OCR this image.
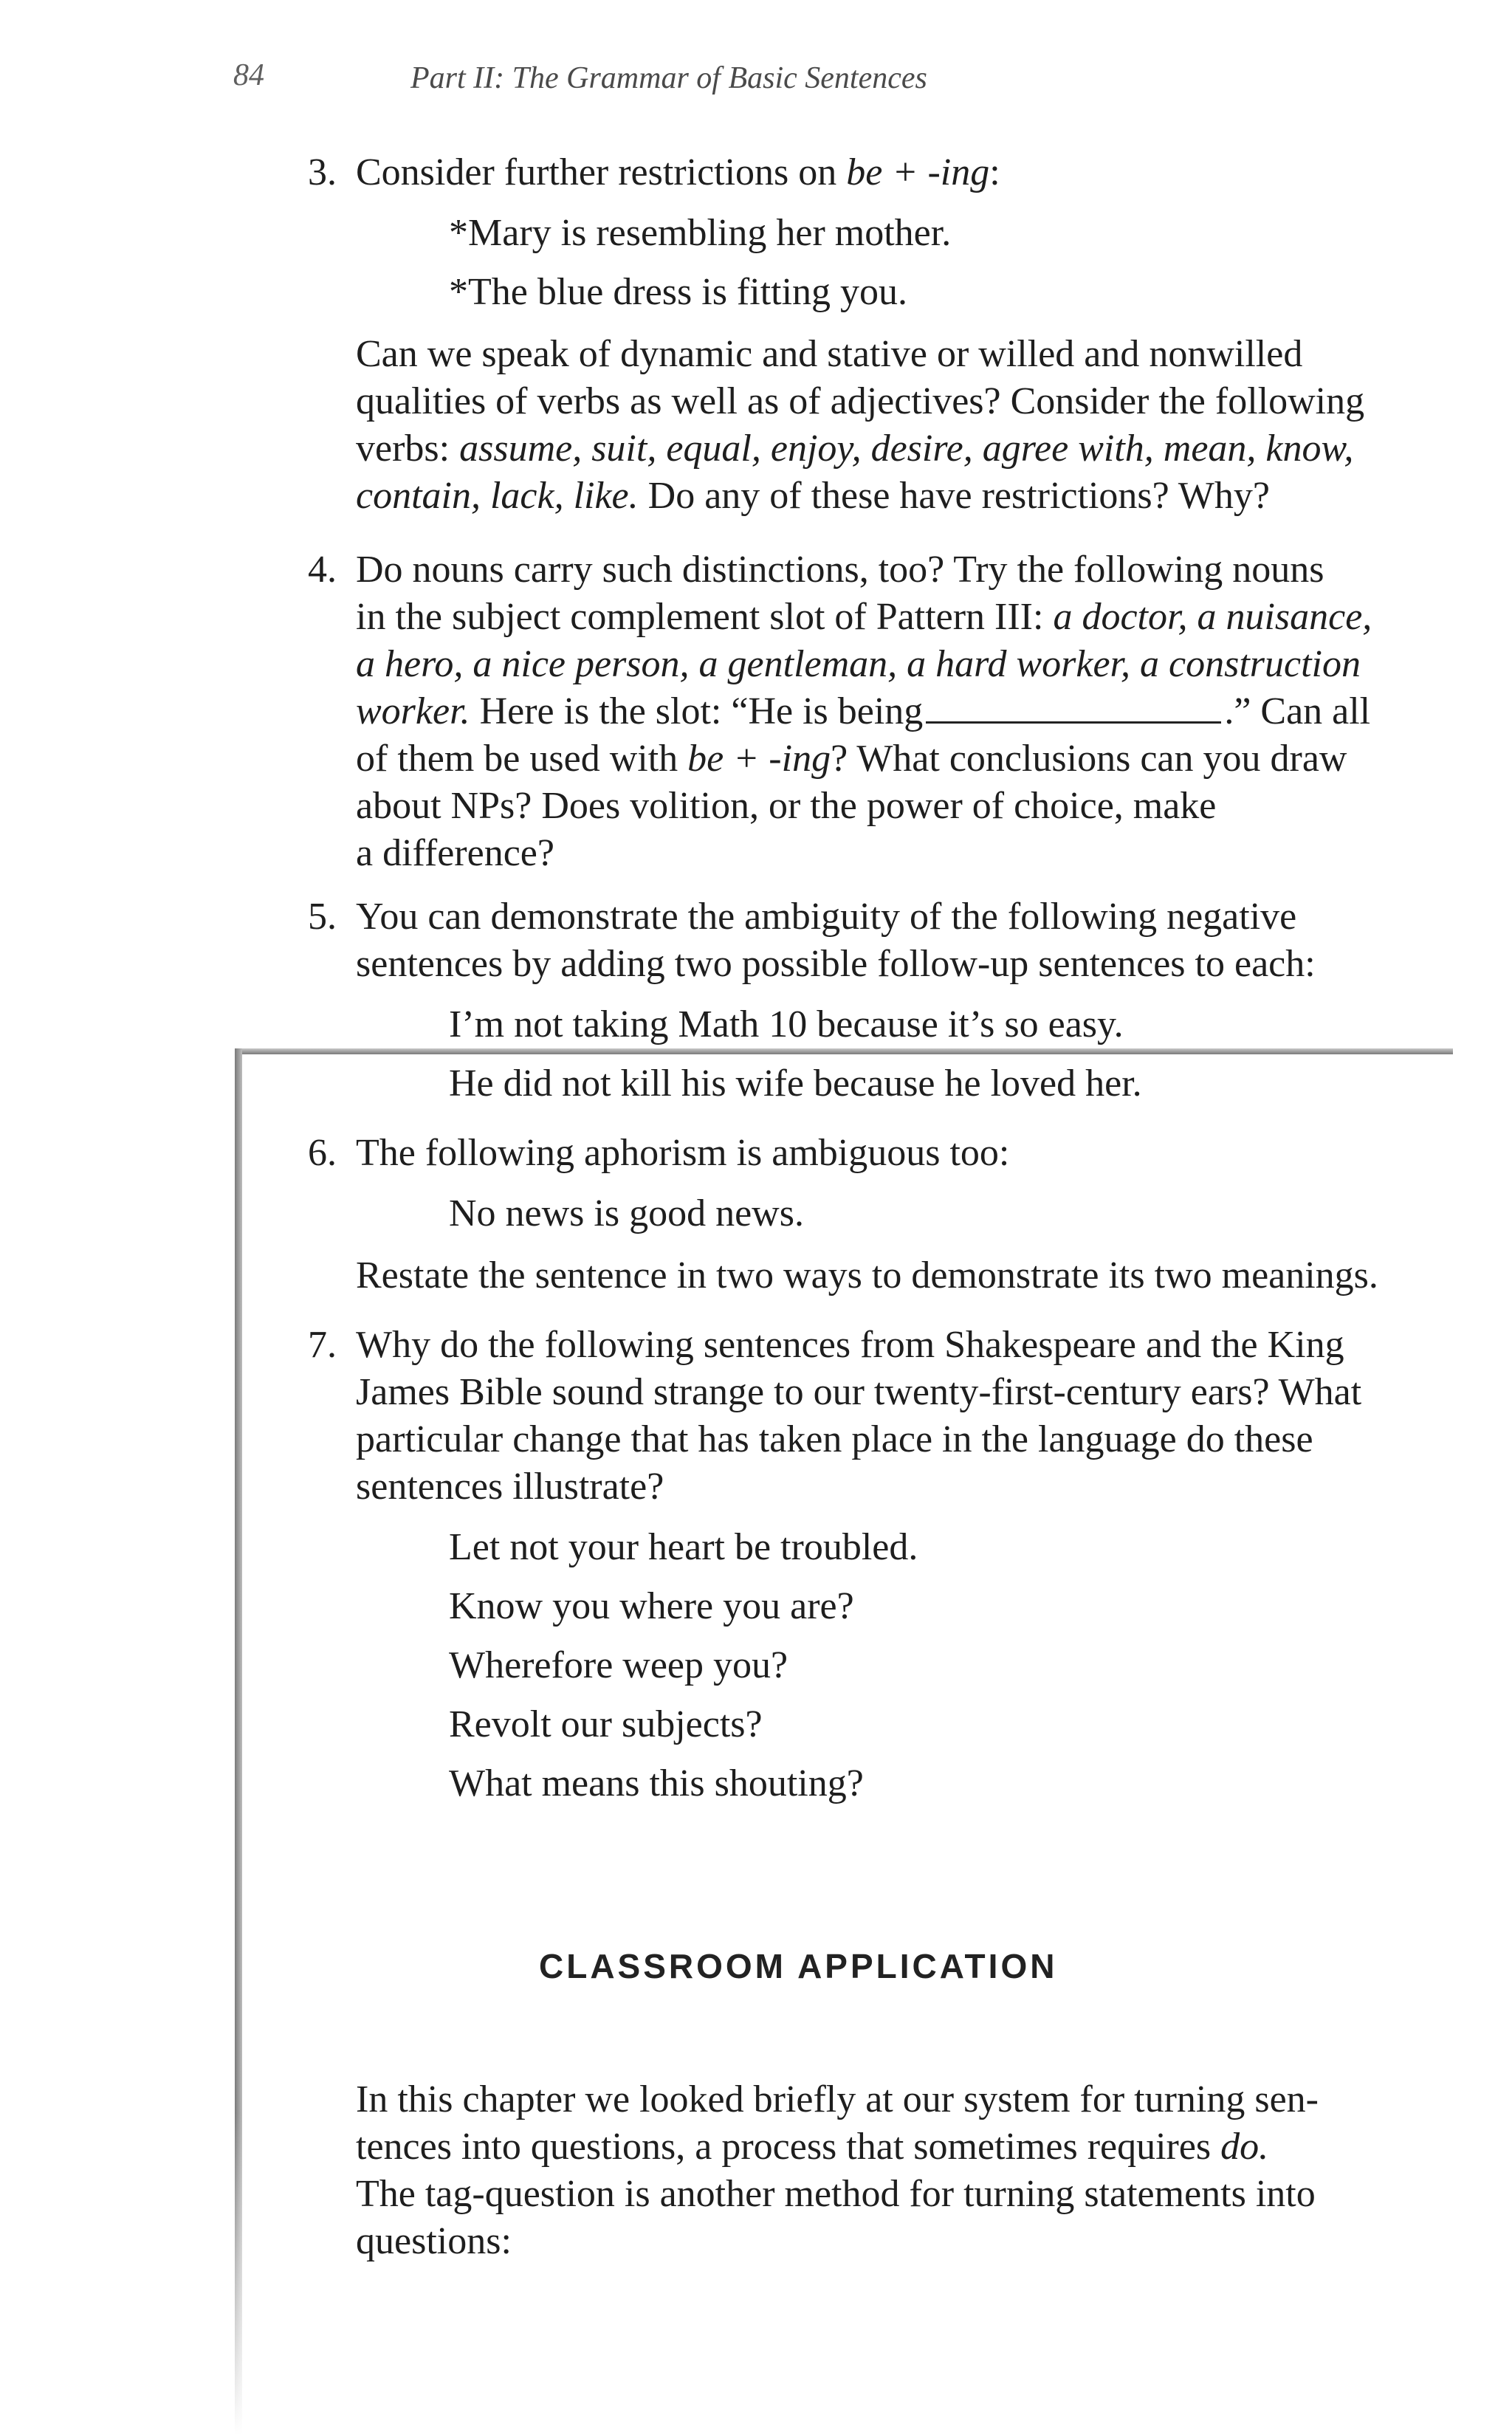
84	Part II: The Grammar of Basic Sentences
3. Consider further restrictions on be + -ing:
*Mary is resembling her mother.
*The blue dress is fitting you.
Can we speak of dynamic and stative or willed and nonwilled
qualities of verbs as well as of adjectives? Consider the following
verbs: assume, suit, equal, enjoy, desire, agree with, mean, know,
contain, lack, like. Do any of these have restrictions? Why?
4. Do nouns carry such distinctions, too? Try the following nouns
in the subject complement slot of Pattern III: a doctor, a nuisance,
a hero, a nice person, a gentleman, a hard worker, a construction
worker. Here is the slot: “He is being	.” Can all
of them be used with be + -ing? What conclusions can you draw
about NPs? Does volition, or the power of choice, make
a difference?
5. You can demonstrate the ambiguity of the following negative
sentences by adding two possible follow-up sentences to each:
I’m not taking Math 10 because it’s so easy.
He did not kill his wife because he loved her.
6. The following aphorism is ambiguous too:
No news is good news.
Restate the sentence in two ways to demonstrate its two meanings.
7. Why do the following sentences from Shakespeare and the King
James Bible sound strange to our twenty-first-century ears? What
particular change that has taken place in the language do these
sentences illustrate?
Let not your heart be troubled.
Know you where you are?
Wherefore weep you?
Revolt our subjects?
What means this shouting?
CLASSROOM APPLICATION
In this chapter we looked briefly at our system for turning sen-
tences into questions, a process that sometimes requires do.
The tag-question is another method for turning statements into
questions:
